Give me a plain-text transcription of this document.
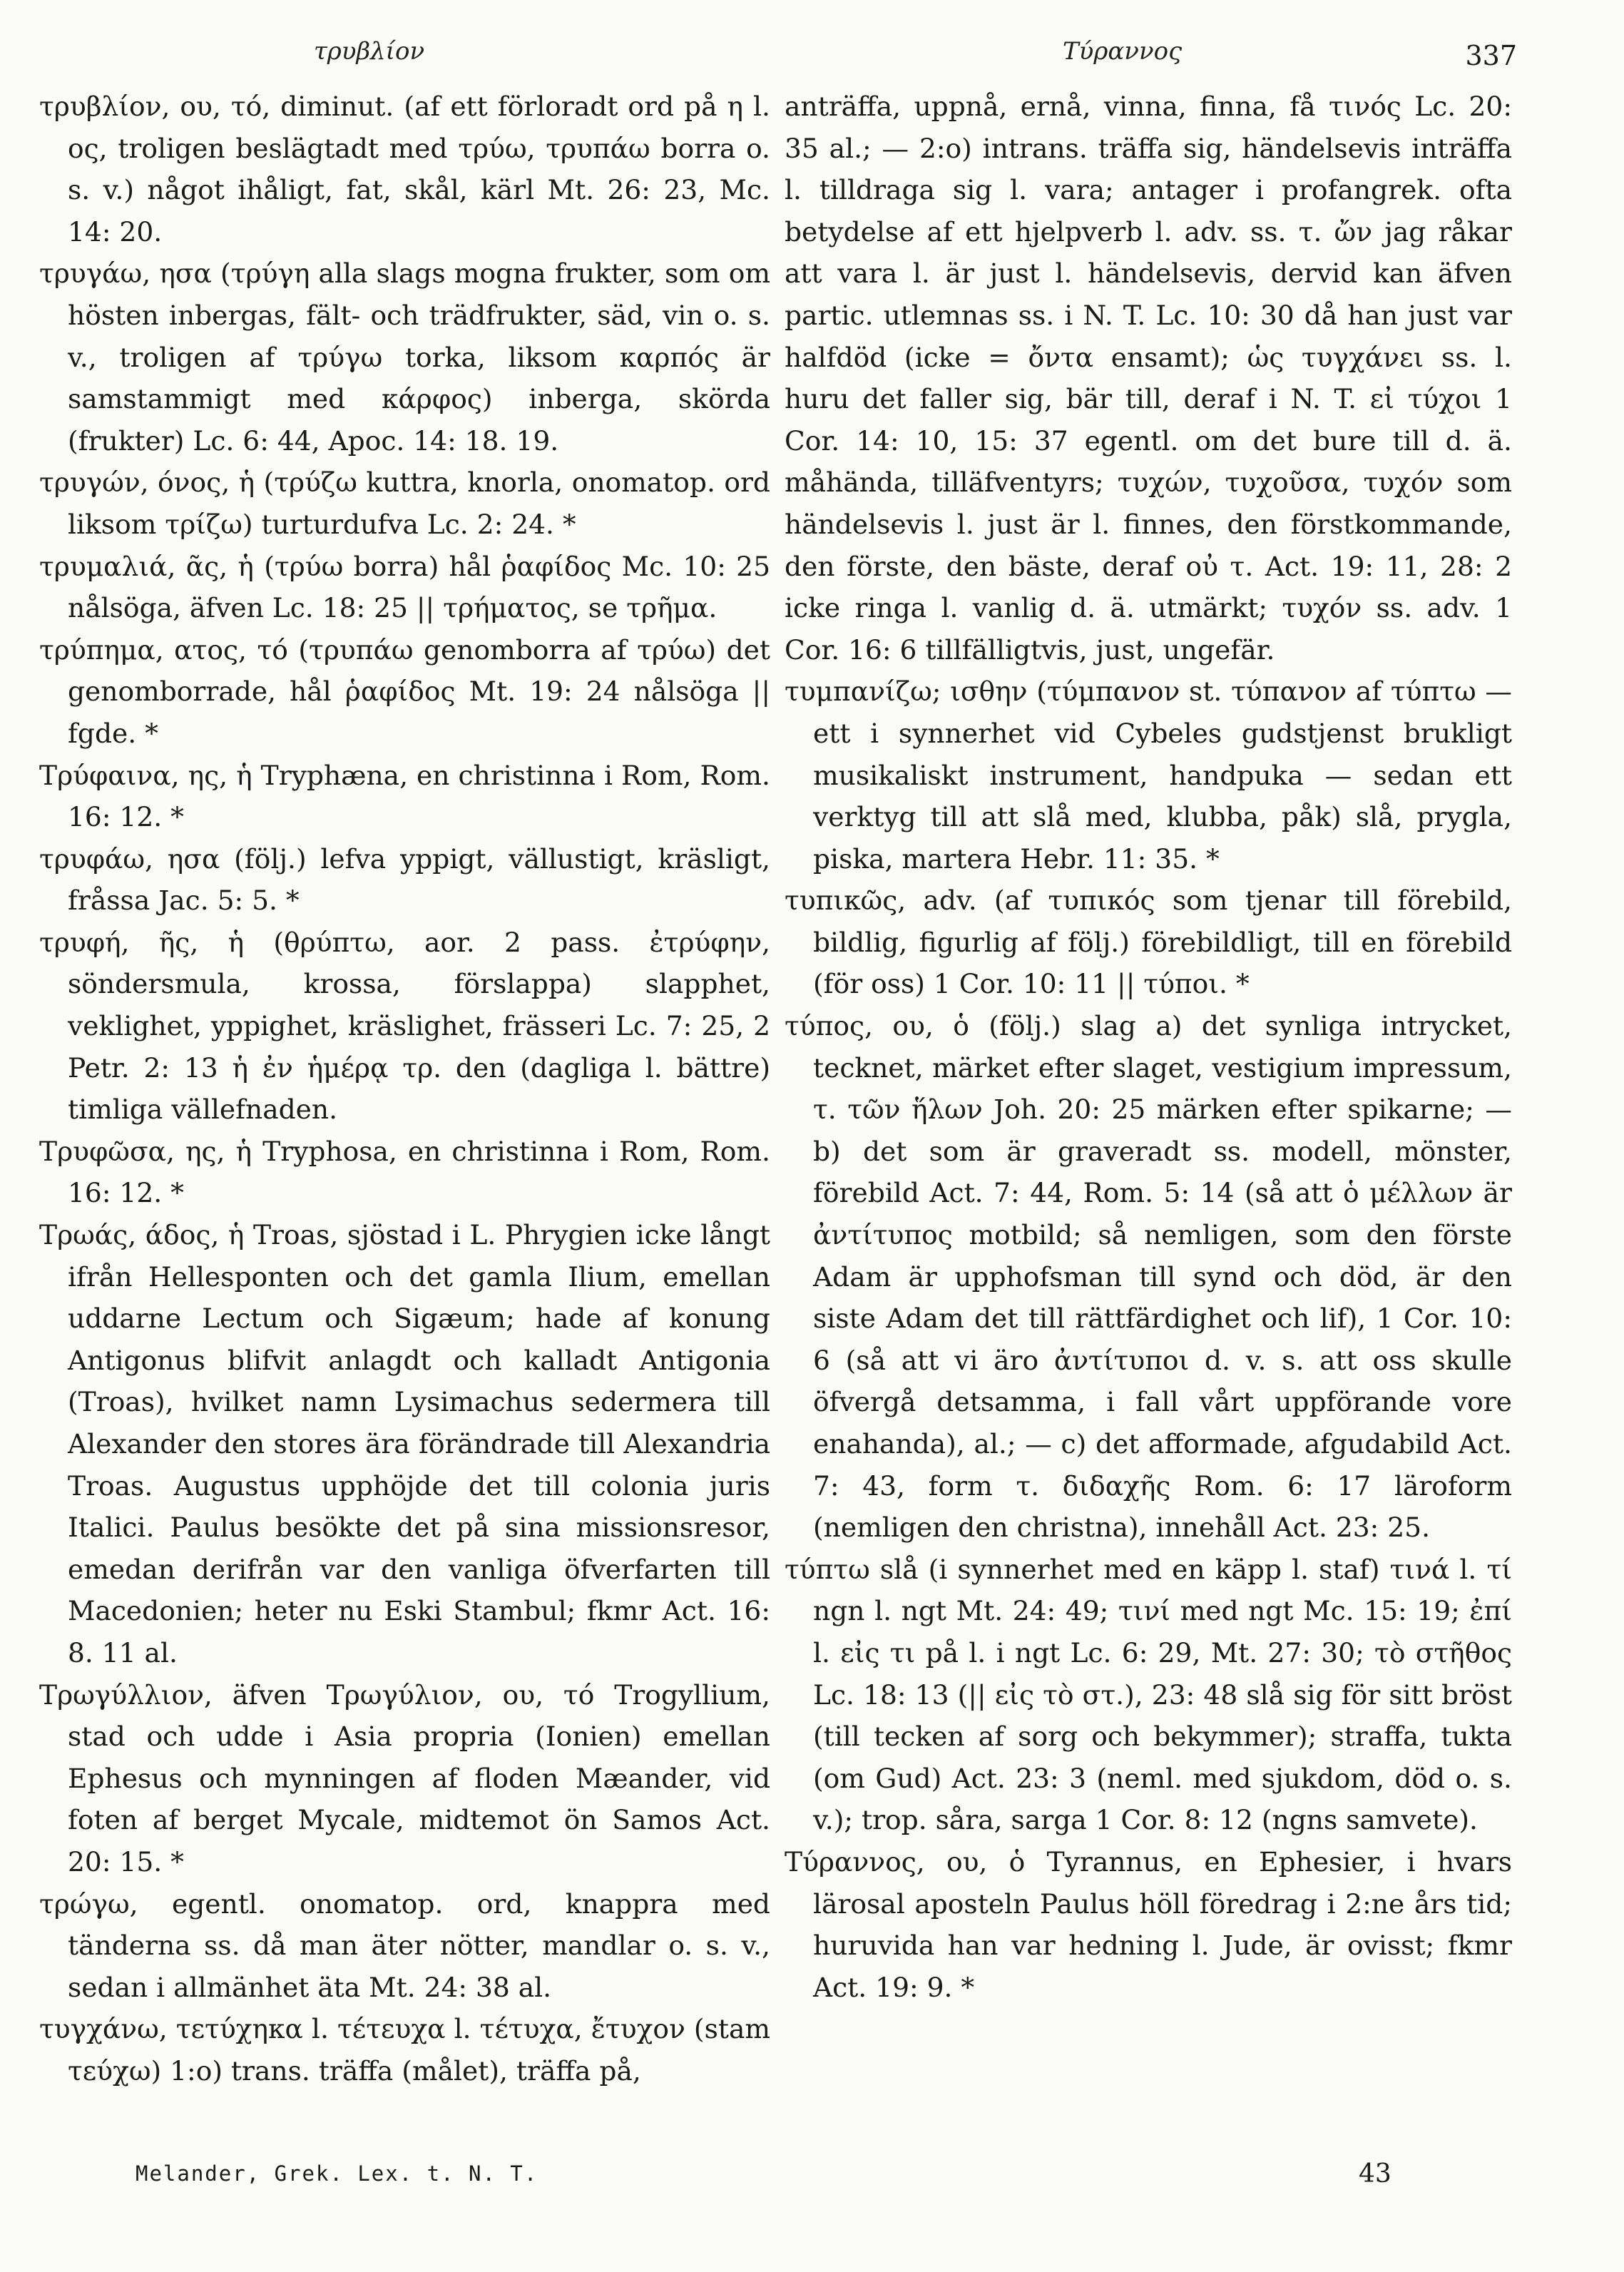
τρυβλίον	Τύραννος	337

τρυβλίον, ου, τό, diminut. (af ett förloradt ord på η l. ος, troligen beslägtadt med τρύω, τρυπάω borra o. s. v.) något ihåligt, fat, skål, kärl Mt. 26: 23, Mc. 14: 20.

τρυγάω, ησα (τρύγη alla slags mogna frukter, som om hösten inbergas, fält- och trädfrukter, säd, vin o. s. v., troligen af τρύγω torka, liksom καρπός är samstammigt med κάρφος) inberga, skörda (frukter) Lc. 6: 44, Apoc. 14: 18. 19.

τρυγών, όνος, ἡ (τρύζω kuttra, knorla, onomatop. ord liksom τρίζω) turturdufva Lc. 2: 24. *

τρυμαλιά, ᾶς, ἡ (τρύω borra) hål ῥαφίδος Mc. 10: 25 nålsöga, äfven Lc. 18: 25 || τρήματος, se τρῆμα.

τρύπημα, ατος, τό (τρυπάω genomborra af τρύω) det genomborrade, hål ῥαφίδος Mt. 19: 24 nålsöga || fgde. *

Τρύφαινα, ης, ἡ Tryphæna, en christinna i Rom, Rom. 16: 12. *

τρυφάω, ησα (följ.) lefva yppigt, vällustigt, kräsligt, fråssa Jac. 5: 5. *

τρυφή, ῆς, ἡ (θρύπτω, aor. 2 pass. ἐτρύφην, söndersmula, krossa, förslappa) slapphet, veklighet, yppighet, kräslighet, frässeri Lc. 7: 25, 2 Petr. 2: 13 ἡ ἐν ἡμέρᾳ τρ. den (dagliga l. bättre) timliga vällefnaden.

Τρυφῶσα, ης, ἡ Tryphosa, en christinna i Rom, Rom. 16: 12. *

Τρωάς, άδος, ἡ Troas, sjöstad i L. Phrygien icke långt ifrån Hellesponten och det gamla Ilium, emellan uddarne Lectum och Sigæum; hade af konung Antigonus blifvit anlagdt och kalladt Antigonia (Troas), hvilket namn Lysimachus sedermera till Alexander den stores ära förändrade till Alexandria Troas. Augustus upphöjde det till colonia juris Italici. Paulus besökte det på sina missionsresor, emedan derifrån var den vanliga öfverfarten till Macedonien; heter nu Eski Stambul; fkmr Act. 16: 8. 11 al.

Τρωγύλλιον, äfven Τρωγύλιον, ου, τό Trogyllium, stad och udde i Asia propria (Ionien) emellan Ephesus och mynningen af floden Mæander, vid foten af berget Mycale, midtemot ön Samos Act. 20: 15. *

τρώγω, egentl. onomatop. ord, knappra med tänderna ss. då man äter nötter, mandlar o. s. v., sedan i allmänhet äta Mt. 24: 38 al.

τυγχάνω, τετύχηκα l. τέτευχα l. τέτυχα, ἔτυχον (stam τεύχω) 1:o) trans. träffa (målet), träffa på,

anträffa, uppnå, ernå, vinna, finna, få τινός Lc. 20: 35 al.; — 2:o) intrans. träffa sig, händelsevis inträffa l. tilldraga sig l. vara; antager i profangrek. ofta betydelse af ett hjelpverb l. adv. ss. τ. ὤν jag råkar att vara l. är just l. händelsevis, dervid kan äfven partic. utlemnas ss. i N. T. Lc. 10: 30 då han just var halfdöd (icke = ὄντα ensamt); ὡς τυγχάνει ss. l. huru det faller sig, bär till, deraf i N. T. εἰ τύχοι 1 Cor. 14: 10, 15: 37 egentl. om det bure till d. ä. måhända, tilläfventyrs; τυχών, τυχοῦσα, τυχόν som händelsevis l. just är l. finnes, den förstkommande, den förste, den bäste, deraf οὐ τ. Act. 19: 11, 28: 2 icke ringa l. vanlig d. ä. utmärkt; τυχόν ss. adv. 1 Cor. 16: 6 tillfälligtvis, just, ungefär.

τυμπανίζω; ισθην (τύμπανον st. τύπανον af τύπτω — ett i synnerhet vid Cybeles gudstjenst brukligt musikaliskt instrument, handpuka — sedan ett verktyg till att slå med, klubba, påk) slå, prygla, piska, martera Hebr. 11: 35. *

τυπικῶς, adv. (af τυπικός som tjenar till förebild, bildlig, figurlig af följ.) förebildligt, till en förebild (för oss) 1 Cor. 10: 11 || τύποι. *

τύπος, ου, ὁ (följ.) slag a) det synliga intrycket, tecknet, märket efter slaget, vestigium impressum, τ. τῶν ἥλων Joh. 20: 25 märken efter spikarne; — b) det som är graveradt ss. modell, mönster, förebild Act. 7: 44, Rom. 5: 14 (så att ὁ μέλλων är ἀντίτυπος motbild; så nemligen, som den förste Adam är upphofsman till synd och död, är den siste Adam det till rättfärdighet och lif), 1 Cor. 10: 6 (så att vi äro ἀντίτυποι d. v. s. att oss skulle öfvergå detsamma, i fall vårt uppförande vore enahanda), al.; — c) det afformade, afgudabild Act. 7: 43, form τ. διδαχῆς Rom. 6: 17 läroform (nemligen den christna), innehåll Act. 23: 25.

τύπτω slå (i synnerhet med en käpp l. staf) τινά l. τί ngn l. ngt Mt. 24: 49; τινί med ngt Mc. 15: 19; ἐπί l. εἰς τι på l. i ngt Lc. 6: 29, Mt. 27: 30; τὸ στῆθος Lc. 18: 13 (|| εἰς τὸ στ.), 23: 48 slå sig för sitt bröst (till tecken af sorg och bekymmer); straffa, tukta (om Gud) Act. 23: 3 (neml. med sjukdom, död o. s. v.); trop. såra, sarga 1 Cor. 8: 12 (ngns samvete).

Τύραννος, ου, ὁ Tyrannus, en Ephesier, i hvars lärosal aposteln Paulus höll föredrag i 2:ne års tid; huruvida han var hedning l. Jude, är ovisst; fkmr Act. 19: 9. *

Melander, Grek. Lex. t. N. T.	43
